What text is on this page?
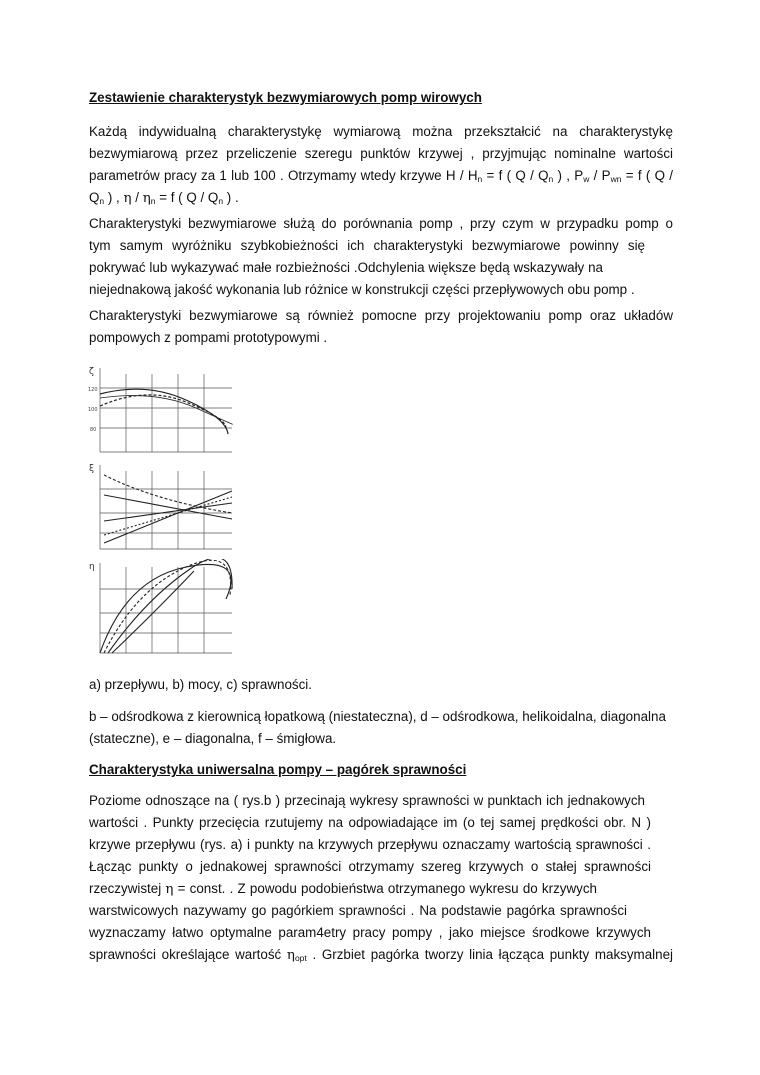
Zestawienie charakterystyk bezwymiarowych pomp wirowych
Każdą indywidualną charakterystykę wymiarową można przekształcić na charakterystykę
bezwymiarową przez przeliczenie szeregu punktów krzywej , przyjmując nominalne wartości
parametrów pracy za 1 lub 100 . Otrzymamy wtedy krzywe $H / H_n = f$ ( Q / $Q_n$ ) , $P_w / P_{wn} = f$ ( Q /
$Q_n$ ) , $\eta / \eta_n = f$ ( Q / $Q_n$ ) .
Charakterystyki bezwymiarowe służą do porównania pomp , przy czym w przypadku pomp o
tym samym wyróżniku szybkobieżności ich charakterystyki bezwymiarowe powinny się
pokrywać lub wykazywać małe rozbieżności .Odchylenia większe będą wskazywały na
niejednakową jakość wykonania lub różnice w konstrukcji części przepływowych obu pomp .
Charakterystyki bezwymiarowe są również pomocne przy projektowaniu pomp oraz układów
pompowych z pompami prototypowymi .
ζ
120
100
80
ξ
η
a) przepływu, b) mocy, c) sprawności.
b – odśrodkowa z kierownicą łopatkową (niestateczna), d – odśrodkowa, helikoidalna, diagonalna
(stateczne), e – diagonalna, f – śmigłowa.
Charakterystyka uniwersalna pompy – pagórek sprawności
Poziome odnoszące na ( rys.b ) przecinają wykresy sprawności w punktach ich jednakowych
wartości . Punkty przecięcia rzutujemy na odpowiadające im (o tej samej prędkości obr. N )
krzywe przepływu (rys. a) i punkty na krzywych przepływu oznaczamy wartością sprawności .
Łącząc punkty o jednakowej sprawności otrzymamy szereg krzywych o stałej sprawności
rzeczywistej η = const. . Z powodu podobieństwa otrzymanego wykresu do krzywych
warstwicowych nazywamy go pagórkiem sprawności . Na podstawie pagórka sprawności
wyznaczamy łatwo optymalne param4etry pracy pompy , jako miejsce środkowe krzywych
sprawności określające wartość $\eta_{opt}$ . Grzbiet pagórka tworzy linia łącząca punkty maksymalnej
